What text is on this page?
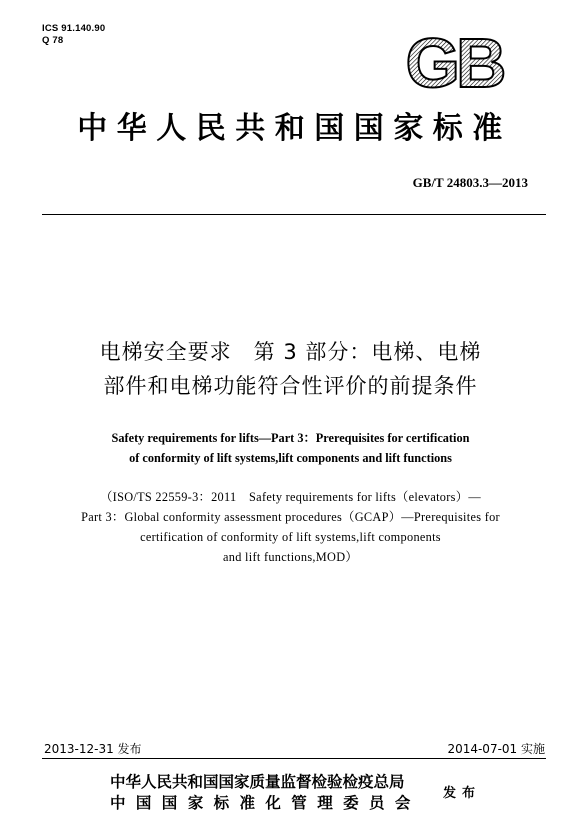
ICS 91.140.90
Q 78	GB
中华人民共和国国家标准
GB/T 24803.3—2013
电梯安全要求　第 3 部分：电梯、电梯
部件和电梯功能符合性评价的前提条件
Safety requirements for lifts—Part 3：Prerequisites for certification
of conformity of lift systems,lift components and lift functions
（ISO/TS 22559-3：2011　Safety requirements for lifts（elevators）—
Part 3：Global conformity assessment procedures（GCAP）—Prerequisites for
certification of conformity of lift systems,lift components
and lift functions,MOD）
2013-12-31 发布	2014-07-01 实施
中华人民共和国国家质量监督检验检疫总局
中国国家标准化管理委员会 发布
